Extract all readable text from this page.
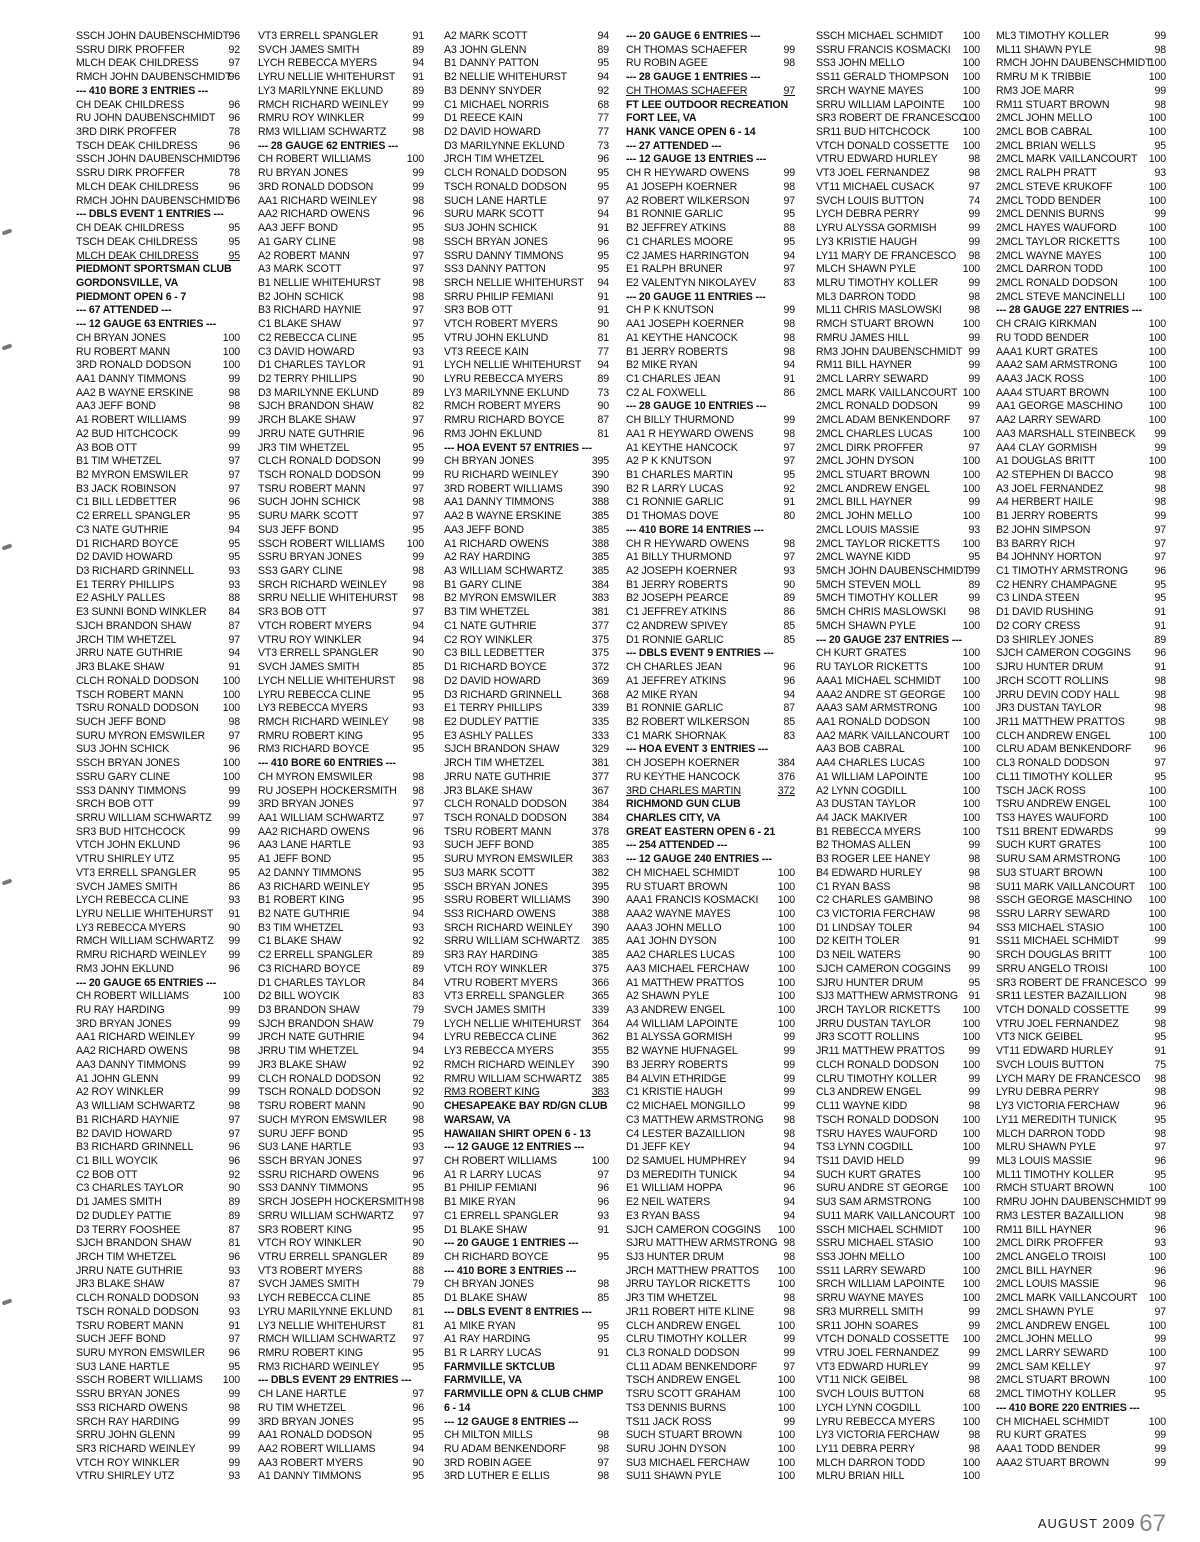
SSCH JOHN DAUBENSCHMIDT 96
SSRU DIRK PROFFER	92
MLCH DEAK CHILDRESS	97
RMCH JOHN DAUBENSCHMIDT
96
--- 410 BORE 3 ENTRIES ---
CH DEAK CHILDRESS	96
RU JOHN DAUBENSCHMIDT 96
3RD DIRK PROFFER	78
TSCH DEAK CHILDRESS	96
SSCH JOHN DAUBENSCHMIDT 96
SSRU DIRK PROFFER	78
MLCH DEAK CHILDRESS	96
RMCH JOHN DAUBENSCHMIDT
96
--- DBLS EVENT 1 ENTRIES ---
CH DEAK CHILDRESS	95
TSCH DEAK CHILDRESS	95
MLCH DEAK CHILDRESS	95
PIEDMONT SPORTSMAN CLUB
GORDONSVILLE, VA
PIEDMONT OPEN 6 - 7
--- 67 ATTENDED ---
--- 12 GAUGE 63 ENTRIES ---
CH BRYAN JONES	100
RU ROBERT MANN	100
3RD RONALD DODSON	100
AA1 DANNY TIMMONS	99
AA2 B WAYNE ERSKINE	98
AA3 JEFF BOND	98
A1 ROBERT WILLIAMS	99
A2 BUD HITCHCOCK	99
A3 BOB OTT	99
B1 TIM WHETZEL	97
B2 MYRON EMSWILER	97
B3 JACK ROBINSON	97
C1 BILL LEDBETTER	96
C2 ERRELL SPANGLER	95
C3 NATE GUTHRIE	94
D1 RICHARD BOYCE	95
D2 DAVID HOWARD	95
D3 RICHARD GRINNELL	93
E1 TERRY PHILLIPS	93
E2 ASHLY PALLES	88
E3 SUNNI BOND WINKLER 84
SJCH BRANDON SHAW	87
JRCH TIM WHETZEL	97
JRRU NATE GUTHRIE	94
JR3 BLAKE SHAW	91
CLCH RONALD DODSON 100
TSCH ROBERT MANN	100
TSRU RONALD DODSON 100
SUCH JEFF BOND	98
SURU MYRON EMSWILER 97
SU3 JOHN SCHICK	96
SSCH BRYAN JONES	100
SSRU GARY CLINE	100
SS3 DANNY TIMMONS	99
SRCH BOB OTT	99
SRRU WILLIAM SCHWARTZ 99
SR3 BUD HITCHCOCK	99
VTCH JOHN EKLUND	96
VTRU SHIRLEY UTZ	95
VT3 ERRELL SPANGLER	95
SVCH JAMES SMITH	86
LYCH REBECCA CLINE	93
LYRU NELLIE WHITEHURST 91
LY3 REBECCA MYERS	90
RMCH WILLIAM SCHWARTZ 99
RMRU RICHARD WEINLEY 99
RM3 JOHN EKLUND	96
--- 20 GAUGE 65 ENTRIES ---
CH ROBERT WILLIAMS	100
RU RAY HARDING	99
3RD BRYAN JONES	99
AA1 RICHARD WEINLEY	99
AA2 RICHARD OWENS	98
AA3 DANNY TIMMONS	99
A1 JOHN GLENN	99
A2 ROY WINKLER	99
A3 WILLIAM SCHWARTZ	98
B1 RICHARD HAYNIE	97
B2 DAVID HOWARD	97
B3 RICHARD GRINNELL	96
C1 BILL WOYCIK	96
C2 BOB OTT	92
C3 CHARLES TAYLOR	90
D1 JAMES SMITH	89
D2 DUDLEY PATTIE	89
D3 TERRY FOOSHEE	87
SJCH BRANDON SHAW	81
JRCH TIM WHETZEL	96
JRRU NATE GUTHRIE	93
JR3 BLAKE SHAW	87
CLCH RONALD DODSON	93
TSCH RONALD DODSON	93
TSRU ROBERT MANN	91
SUCH JEFF BOND	97
SURU MYRON EMSWILER 96
SU3 LANE HARTLE	95
SSCH ROBERT WILLIAMS 100
SSRU BRYAN JONES	99
SS3 RICHARD OWENS	98
SRCH RAY HARDING	99
SRRU JOHN GLENN	99
SR3 RICHARD WEINLEY	99
VTCH ROY WINKLER	99
VTRU SHIRLEY UTZ	93
VT3 ERRELL SPANGLER	91
SVCH JAMES SMITH	89
LYCH REBECCA MYERS	94
LYRU NELLIE WHITEHURST 91
LY3 MARILYNNE EKLUND	89
RMCH RICHARD WEINLEY 99
RMRU ROY WINKLER	99
RM3 WILLIAM SCHWARTZ 98
--- 28 GAUGE 62 ENTRIES ---
CH ROBERT WILLIAMS	100
RU BRYAN JONES	99
3RD RONALD DODSON	99
AA1 RICHARD WEINLEY	98
AA2 RICHARD OWENS	96
AA3 JEFF BOND	95
A1 GARY CLINE	98
A2 ROBERT MANN	97
A3 MARK SCOTT	97
B1 NELLIE WHITEHURST	98
B2 JOHN SCHICK	98
B3 RICHARD HAYNIE	97
C1 BLAKE SHAW	97
C2 REBECCA CLINE	95
C3 DAVID HOWARD	93
D1 CHARLES TAYLOR	91
D2 TERRY PHILLIPS	90
D3 MARILYNNE EKLUND	89
SJCH BRANDON SHAW	82
JRCH BLAKE SHAW	97
JRRU NATE GUTHRIE	96
JR3 TIM WHETZEL	95
CLCH RONALD DODSON	99
TSCH RONALD DODSON	99
TSRU ROBERT MANN	97
SUCH JOHN SCHICK	98
SURU MARK SCOTT	97
SU3 JEFF BOND	95
SSCH ROBERT WILLIAMS 100
SSRU BRYAN JONES	99
SS3 GARY CLINE	98
SRCH RICHARD WEINLEY 98
SRRU NELLIE WHITEHURST 98
SR3 BOB OTT	97
VTCH ROBERT MYERS	94
VTRU ROY WINKLER	94
VT3 ERRELL SPANGLER	90
SVCH JAMES SMITH	85
LYCH NELLIE WHITEHURST 98
LYRU REBECCA CLINE	95
LY3 REBECCA MYERS	93
RMCH RICHARD WEINLEY 98
RMRU ROBERT KING	95
RM3 RICHARD BOYCE	95
--- 410 BORE 60 ENTRIES ---
CH MYRON EMSWILER	98
RU JOSEPH HOCKERSMITH 98
3RD BRYAN JONES	97
AA1 WILLIAM SCHWARTZ	97
AA2 RICHARD OWENS	96
AA3 LANE HARTLE	93
A1 JEFF BOND	95
A2 DANNY TIMMONS	95
A3 RICHARD WEINLEY	95
B1 ROBERT KING	95
B2 NATE GUTHRIE	94
B3 TIM WHETZEL	93
C1 BLAKE SHAW	92
C2 ERRELL SPANGLER	89
C3 RICHARD BOYCE	89
D1 CHARLES TAYLOR	84
D2 BILL WOYCIK	83
D3 BRANDON SHAW	79
SJCH BRANDON SHAW	79
JRCH NATE GUTHRIE	94
JRRU TIM WHETZEL	94
JR3 BLAKE SHAW	92
CLCH RONALD DODSON	92
TSCH RONALD DODSON	92
TSRU ROBERT MANN	90
SUCH MYRON EMSWILER 98
SURU JEFF BOND	95
SU3 LANE HARTLE	93
SSCH BRYAN JONES	97
SSRU RICHARD OWENS	96
SS3 DANNY TIMMONS	95
SRCH JOSEPH HOCKERSMITH 98
SRRU WILLIAM SCHWARTZ 97
SR3 ROBERT KING	95
VTCH ROY WINKLER	90
VTRU ERRELL SPANGLER 89
VT3 ROBERT MYERS	88
SVCH JAMES SMITH	79
LYCH REBECCA CLINE	85
LYRU MARILYNNE EKLUND 81
LY3 NELLIE WHITEHURST	81
RMCH WILLIAM SCHWARTZ 97
RMRU ROBERT KING	95
RM3 RICHARD WEINLEY	95
--- DBLS EVENT 29 ENTRIES ---
CH LANE HARTLE	97
RU TIM WHETZEL	96
3RD BRYAN JONES	95
AA1 RONALD DODSON	95
AA2 ROBERT WILLIAMS	94
AA3 ROBERT MYERS	90
A1 DANNY TIMMONS	95
A2 MARK SCOTT	94
A3 JOHN GLENN	89
B1 DANNY PATTON	95
B2 NELLIE WHITEHURST	94
B3 DENNY SNYDER	92
C1 MICHAEL NORRIS	68
D1 REECE KAIN	77
D2 DAVID HOWARD	77
D3 MARILYNNE EKLUND	73
JRCH TIM WHETZEL	96
CLCH RONALD DODSON	95
TSCH RONALD DODSON	95
SUCH LANE HARTLE	97
SURU MARK SCOTT	94
SU3 JOHN SCHICK	91
SSCH BRYAN JONES	96
SSRU DANNY TIMMONS	95
SS3 DANNY PATTON	95
SRCH NELLIE WHITEHURST 94
SRRU PHILIP FEMIANI	91
SR3 BOB OTT	91
VTCH ROBERT MYERS	90
VTRU JOHN EKLUND	81
VT3 REECE KAIN	77
LYCH NELLIE WHITEHURST 94
LYRU REBECCA MYERS	89
LY3 MARILYNNE EKLUND	73
RMCH ROBERT MYERS	90
RMRU RICHARD BOYCE	87
RM3 JOHN EKLUND	81
--- HOA EVENT 57 ENTRIES ---
CH BRYAN JONES	395
RU RICHARD WEINLEY	390
3RD ROBERT WILLIAMS	390
AA1 DANNY TIMMONS	388
AA2 B WAYNE ERSKINE	385
AA3 JEFF BOND	385
A1 RICHARD OWENS	388
A2 RAY HARDING	385
A3 WILLIAM SCHWARTZ	385
B1 GARY CLINE	384
B2 MYRON EMSWILER	383
B3 TIM WHETZEL	381
C1 NATE GUTHRIE	377
C2 ROY WINKLER	375
C3 BILL LEDBETTER	375
D1 RICHARD BOYCE	372
D2 DAVID HOWARD	369
D3 RICHARD GRINNELL	368
E1 TERRY PHILLIPS	339
E2 DUDLEY PATTIE	335
E3 ASHLY PALLES	333
SJCH BRANDON SHAW	329
JRCH TIM WHETZEL	381
JRRU NATE GUTHRIE	377
JR3 BLAKE SHAW	367
CLCH RONALD DODSON 384
TSCH RONALD DODSON 384
TSRU ROBERT MANN	378
SUCH JEFF BOND	385
SURU MYRON EMSWILER 383
SU3 MARK SCOTT	382
SSCH BRYAN JONES	395
SSRU ROBERT WILLIAMS 390
SS3 RICHARD OWENS	388
SRCH RICHARD WEINLEY 390
SRRU WILLIAM SCHWARTZ 385
SR3 RAY HARDING	385
VTCH ROY WINKLER	375
VTRU ROBERT MYERS	366
VT3 ERRELL SPANGLER	365
SVCH JAMES SMITH	339
LYCH NELLIE WHITEHURST 364
LYRU REBECCA CLINE	362
LY3 REBECCA MYERS	355
RMCH RICHARD WEINLEY 390
RMRU WILLIAM SCHWARTZ 385
RM3 ROBERT KING	383
CHESAPEAKE BAY RD/GN CLUB
WARSAW, VA
HAWAIIAN SHIRT OPEN 6 - 13
--- 12 GAUGE 12 ENTRIES ---
CH ROBERT WILLIAMS	100
A1 R LARRY LUCAS	97
B1 PHILIP FEMIANI	96
B1 MIKE RYAN	96
C1 ERRELL SPANGLER	93
D1 BLAKE SHAW	91
--- 20 GAUGE 1 ENTRIES ---
CH RICHARD BOYCE	95
--- 410 BORE 3 ENTRIES ---
CH BRYAN JONES	98
D1 BLAKE SHAW	85
--- DBLS EVENT 8 ENTRIES ---
A1 MIKE RYAN	95
A1 RAY HARDING	95
B1 R LARRY LUCAS	91
FARMVILLE SKTCLUB
FARMVILLE, VA
FARMVILLE OPN & CLUB CHMP
6 - 14
--- 12 GAUGE 8 ENTRIES ---
CH MILTON MILLS	98
RU ADAM BENKENDORF	98
3RD ROBIN AGEE	97
3RD LUTHER E ELLIS	98
--- 20 GAUGE 6 ENTRIES ---
CH THOMAS SCHAEFER	99
RU ROBIN AGEE	98
--- 28 GAUGE 1 ENTRIES ---
CH THOMAS SCHAEFER	97
FT LEE OUTDOOR RECREATION
FORT LEE, VA
HANK VANCE OPEN 6 - 14
--- 27 ATTENDED ---
--- 12 GAUGE 13 ENTRIES ---
CH R HEYWARD OWENS	99
A1 JOSEPH KOERNER	98
A2 ROBERT WILKERSON	97
B1 RONNIE GARLIC	95
B2 JEFFREY ATKINS	88
C1 CHARLES MOORE	95
C2 JAMES HARRINGTON	94
E1 RALPH BRUNER	97
E2 VALENTYN NIKOLAYEV	83
--- 20 GAUGE 11 ENTRIES ---
CH P K KNUTSON	99
AA1 JOSEPH KOERNER	98
A1 KEYTHE HANCOCK	98
B1 JERRY ROBERTS	98
B2 MIKE RYAN	94
C1 CHARLES JEAN	91
C2 AL FOXWELL	86
--- 28 GAUGE 10 ENTRIES ---
CH BILLY THURMOND	99
AA1 R HEYWARD OWENS	98
A1 KEYTHE HANCOCK	97
A2 P K KNUTSON	97
B1 CHARLES MARTIN	95
B2 R LARRY LUCAS	92
C1 RONNIE GARLIC	91
D1 THOMAS DOVE	80
--- 410 BORE 14 ENTRIES ---
CH R HEYWARD OWENS	98
A1 BILLY THURMOND	97
A2 JOSEPH KOERNER	93
B1 JERRY ROBERTS	90
B2 JOSEPH PEARCE	89
C1 JEFFREY ATKINS	86
C2 ANDREW SPIVEY	85
D1 RONNIE GARLIC	85
--- DBLS EVENT 9 ENTRIES ---
CH CHARLES JEAN	96
A1 JEFFREY ATKINS	96
A2 MIKE RYAN	94
B1 RONNIE GARLIC	87
B2 ROBERT WILKERSON	85
C1 MARK SHORNAK	83
--- HOA EVENT 3 ENTRIES ---
CH JOSEPH KOERNER	384
RU KEYTHE HANCOCK	376
3RD CHARLES MARTIN	372
RICHMOND GUN CLUB
CHARLES CITY, VA
GREAT EASTERN OPEN 6 - 21
--- 254 ATTENDED ---
--- 12 GAUGE 240 ENTRIES ---
CH MICHAEL SCHMIDT	100
RU STUART BROWN	100
AAA1 FRANCIS KOSMACKI 100
AAA2 WAYNE MAYES	100
AAA3 JOHN MELLO	100
AA1 JOHN DYSON	100
AA2 CHARLES LUCAS	100
AA3 MICHAEL FERCHAW	100
A1 MATTHEW PRATTOS	100
A2 SHAWN PYLE	100
A3 ANDREW ENGEL	100
A4 WILLIAM LAPOINTE	100
B1 ALYSSA GORMISH	99
B2 WAYNE HUFNAGEL	99
B3 JERRY ROBERTS	99
B4 ALVIN ETHRIDGE	99
C1 KRISTIE HAUGH	99
C2 MICHAEL MONGILLO	99
C3 MATTHEW ARMSTRONG 98
C4 LESTER BAZAILLION	98
D1 JEFF KEY	94
D2 SAMUEL HUMPHREY	94
D3 MEREDITH TUNICK	94
E1 WILLIAM HOPPA	96
E2 NEIL WATERS	94
E3 RYAN BASS	94
SJCH CAMERON COGGINS 100
SJRU MATTHEW ARMSTRONG 98
SJ3 HUNTER DRUM	98
JRCH MATTHEW PRATTOS 100
JRRU TAYLOR RICKETTS	100
JR3 TIM WHETZEL	98
JR11 ROBERT HITE KLINE	98
CLCH ANDREW ENGEL	100
CLRU TIMOTHY KOLLER	99
CL3 RONALD DODSON	99
CL11 ADAM BENKENDORF 97
TSCH ANDREW ENGEL	100
TSRU SCOTT GRAHAM	100
TS3 DENNIS BURNS	100
TS11 JACK ROSS	99
SUCH STUART BROWN	100
SURU JOHN DYSON	100
SU3 MICHAEL FERCHAW	100
SU11 SHAWN PYLE	100
SSCH MICHAEL SCHMIDT 100
SSRU FRANCIS KOSMACKI 100
SS3 JOHN MELLO	100
SS11 GERALD THOMPSON 100
SRCH WAYNE MAYES	100
SRRU WILLIAM LAPOINTE 100
SR3 ROBERT DE FRANCESCO
100
SR11 BUD HITCHCOCK	100
VTCH DONALD COSSETTE 100
VTRU EDWARD HURLEY	98
VT3 JOEL FERNANDEZ	98
VT11 MICHAEL CUSACK	97
SVCH LOUIS BUTTON	74
LYCH DEBRA PERRY	99
LYRU ALYSSA GORMISH	99
LY3 KRISTIE HAUGH	99
LY11 MARY DE FRANCESCO 98
MLCH SHAWN PYLE	100
MLRU TIMOTHY KOLLER	99
ML3 DARRON TODD	98
ML11 CHRIS MASLOWSKI	98
RMCH STUART BROWN	100
RMRU JAMES HILL	99
RM3 JOHN DAUBENSCHMIDT 99
RM11 BILL HAYNER	99
2MCL LARRY SEWARD	99
2MCL MARK VAILLANCOURT 100
2MCL RONALD DODSON	99
2MCL ADAM BENKENDORF 97
2MCL CHARLES LUCAS	100
2MCL DIRK PROFFER	97
2MCL JOHN DYSON	100
2MCL STUART BROWN	100
2MCL ANDREW ENGEL	100
2MCL BILL HAYNER	99
2MCL JOHN MELLO	100
2MCL LOUIS MASSIE	93
2MCL TAYLOR RICKETTS 100
2MCL WAYNE KIDD	95
5MCH JOHN DAUBENSCHMIDT
99
5MCH STEVEN MOLL	89
5MCH TIMOTHY KOLLER	99
5MCH CHRIS MASLOWSKI 98
5MCH SHAWN PYLE	100
--- 20 GAUGE 237 ENTRIES ---
CH KURT GRATES	100
RU TAYLOR RICKETTS	100
AAA1 MICHAEL SCHMIDT 100
AAA2 ANDRE ST GEORGE 100
AAA3 SAM ARMSTRONG 100
AA1 RONALD DODSON	100
AA2 MARK VAILLANCOURT 100
AA3 BOB CABRAL	100
AA4 CHARLES LUCAS	100
A1 WILLIAM LAPOINTE	100
A2 LYNN COGDILL	100
A3 DUSTAN TAYLOR	100
A4 JACK MAKIVER	100
B1 REBECCA MYERS	100
B2 THOMAS ALLEN	99
B3 ROGER LEE HANEY	98
B4 EDWARD HURLEY	98
C1 RYAN BASS	98
C2 CHARLES GAMBINO	98
C3 VICTORIA FERCHAW	98
D1 LINDSAY TOLER	94
D2 KEITH TOLER	91
D3 NEIL WATERS	90
SJCH CAMERON COGGINS 99
SJRU HUNTER DRUM	95
SJ3 MATTHEW ARMSTRONG 91
JRCH TAYLOR RICKETTS 100
JRRU DUSTAN TAYLOR	100
JR3 SCOTT ROLLINS	100
JR11 MATTHEW PRATTOS 99
CLCH RONALD DODSON 100
CLRU TIMOTHY KOLLER	99
CL3 ANDREW ENGEL	99
CL11 WAYNE KIDD	98
TSCH RONALD DODSON 100
TSRU HAYES WAUFORD 100
TS3 LYNN COGDILL	100
TS11 DAVID HELD	99
SUCH KURT GRATES	100
SURU ANDRE ST GEORGE 100
SU3 SAM ARMSTRONG	100
SU11 MARK VAILLANCOURT 100
SSCH MICHAEL SCHMIDT 100
SSRU MICHAEL STASIO	100
SS3 JOHN MELLO	100
SS11 LARRY SEWARD	100
SRCH WILLIAM LAPOINTE 100
SRRU WAYNE MAYES	100
SR3 MURRELL SMITH	99
SR11 JOHN SOARES	99
VTCH DONALD COSSETTE 100
VTRU JOEL FERNANDEZ	99
VT3 EDWARD HURLEY	99
VT11 NICK GEIBEL	98
SVCH LOUIS BUTTON	68
LYCH LYNN COGDILL	100
LYRU REBECCA MYERS	100
LY3 VICTORIA FERCHAW	98
LY11 DEBRA PERRY	98
MLCH DARRON TODD	100
MLRU BRIAN HILL	100
ML3 TIMOTHY KOLLER	99
ML11 SHAWN PYLE	98
RMCH JOHN DAUBENSCHMIDT
100
RMRU M K TRIBBIE	100
RM3 JOE MARR	99
RM11 STUART BROWN	98
2MCL JOHN MELLO	100
2MCL BOB CABRAL	100
2MCL BRIAN WELLS	95
2MCL MARK VAILLANCOURT 100
2MCL RALPH PRATT	93
2MCL STEVE KRUKOFF	100
2MCL TODD BENDER	100
2MCL DENNIS BURNS	99
2MCL HAYES WAUFORD	100
2MCL TAYLOR RICKETTS	100
2MCL WAYNE MAYES	100
2MCL DARRON TODD	100
2MCL RONALD DODSON	100
2MCL STEVE MANCINELLI 100
--- 28 GAUGE 227 ENTRIES ---
CH CRAIG KIRKMAN	100
RU TODD BENDER	100
AAA1 KURT GRATES	100
AAA2 SAM ARMSTRONG	100
AAA3 JACK ROSS	100
AAA4 STUART BROWN	100
AA1 GEORGE MASCHINO 100
AA2 LARRY SEWARD	100
AA3 MARSHALL STEINBECK 99
AA4 CLAY GORMISH	99
A1 DOUGLAS BRITT	100
A2 STEPHEN DI BACCO	98
A3 JOEL FERNANDEZ	98
A4 HERBERT HAILE	98
B1 JERRY ROBERTS	99
B2 JOHN SIMPSON	97
B3 BARRY RICH	97
B4 JOHNNY HORTON	97
C1 TIMOTHY ARMSTRONG	96
C2 HENRY CHAMPAGNE	95
C3 LINDA STEEN	95
D1 DAVID RUSHING	91
D2 CORY CRESS	91
D3 SHIRLEY JONES	89
SJCH CAMERON COGGINS 96
SJRU HUNTER DRUM	91
JRCH SCOTT ROLLINS	98
JRRU DEVIN CODY HALL	98
JR3 DUSTAN TAYLOR	98
JR11 MATTHEW PRATTOS	98
CLCH ANDREW ENGEL	100
CLRU ADAM BENKENDORF 96
CL3 RONALD DODSON	97
CL11 TIMOTHY KOLLER	95
TSCH JACK ROSS	100
TSRU ANDREW ENGEL	100
TS3 HAYES WAUFORD	100
TS11 BRENT EDWARDS	99
SUCH KURT GRATES	100
SURU SAM ARMSTRONG	100
SU3 STUART BROWN	100
SU11 MARK VAILLANCOURT 100
SSCH GEORGE MASCHINO 100
SSRU LARRY SEWARD	100
SS3 MICHAEL STASIO	100
SS11 MICHAEL SCHMIDT	99
SRCH DOUGLAS BRITT	100
SRRU ANGELO TROISI	100
SR3 ROBERT DE FRANCESCO 99
SR11 LESTER BAZAILLION	98
VTCH DONALD COSSETTE 99
VTRU JOEL FERNANDEZ	98
VT3 NICK GEIBEL	95
VT11 EDWARD HURLEY	91
SVCH LOUIS BUTTON	75
LYCH MARY DE FRANCESCO 98
LYRU DEBRA PERRY	98
LY3 VICTORIA FERCHAW	96
LY11 MEREDITH TUNICK	95
MLCH DARRON TODD	98
MLRU SHAWN PYLE	97
ML3 LOUIS MASSIE	96
ML11 TIMOTHY KOLLER	95
RMCH STUART BROWN	100
RMRU JOHN DAUBENSCHMIDT 99
RM3 LESTER BAZAILLION	98
RM11 BILL HAYNER	96
2MCL DIRK PROFFER	93
2MCL ANGELO TROISI	100
2MCL BILL HAYNER	96
2MCL LOUIS MASSIE	96
2MCL MARK VAILLANCOURT 100
2MCL SHAWN PYLE	97
2MCL ANDREW ENGEL	100
2MCL JOHN MELLO	99
2MCL LARRY SEWARD	100
2MCL SAM KELLEY	97
2MCL STUART BROWN	100
2MCL TIMOTHY KOLLER	95
--- 410 BORE 220 ENTRIES ---
CH MICHAEL SCHMIDT	100
RU KURT GRATES	99
AAA1 TODD BENDER	99
AAA2 STUART BROWN	99
AUGUST 2009 67
